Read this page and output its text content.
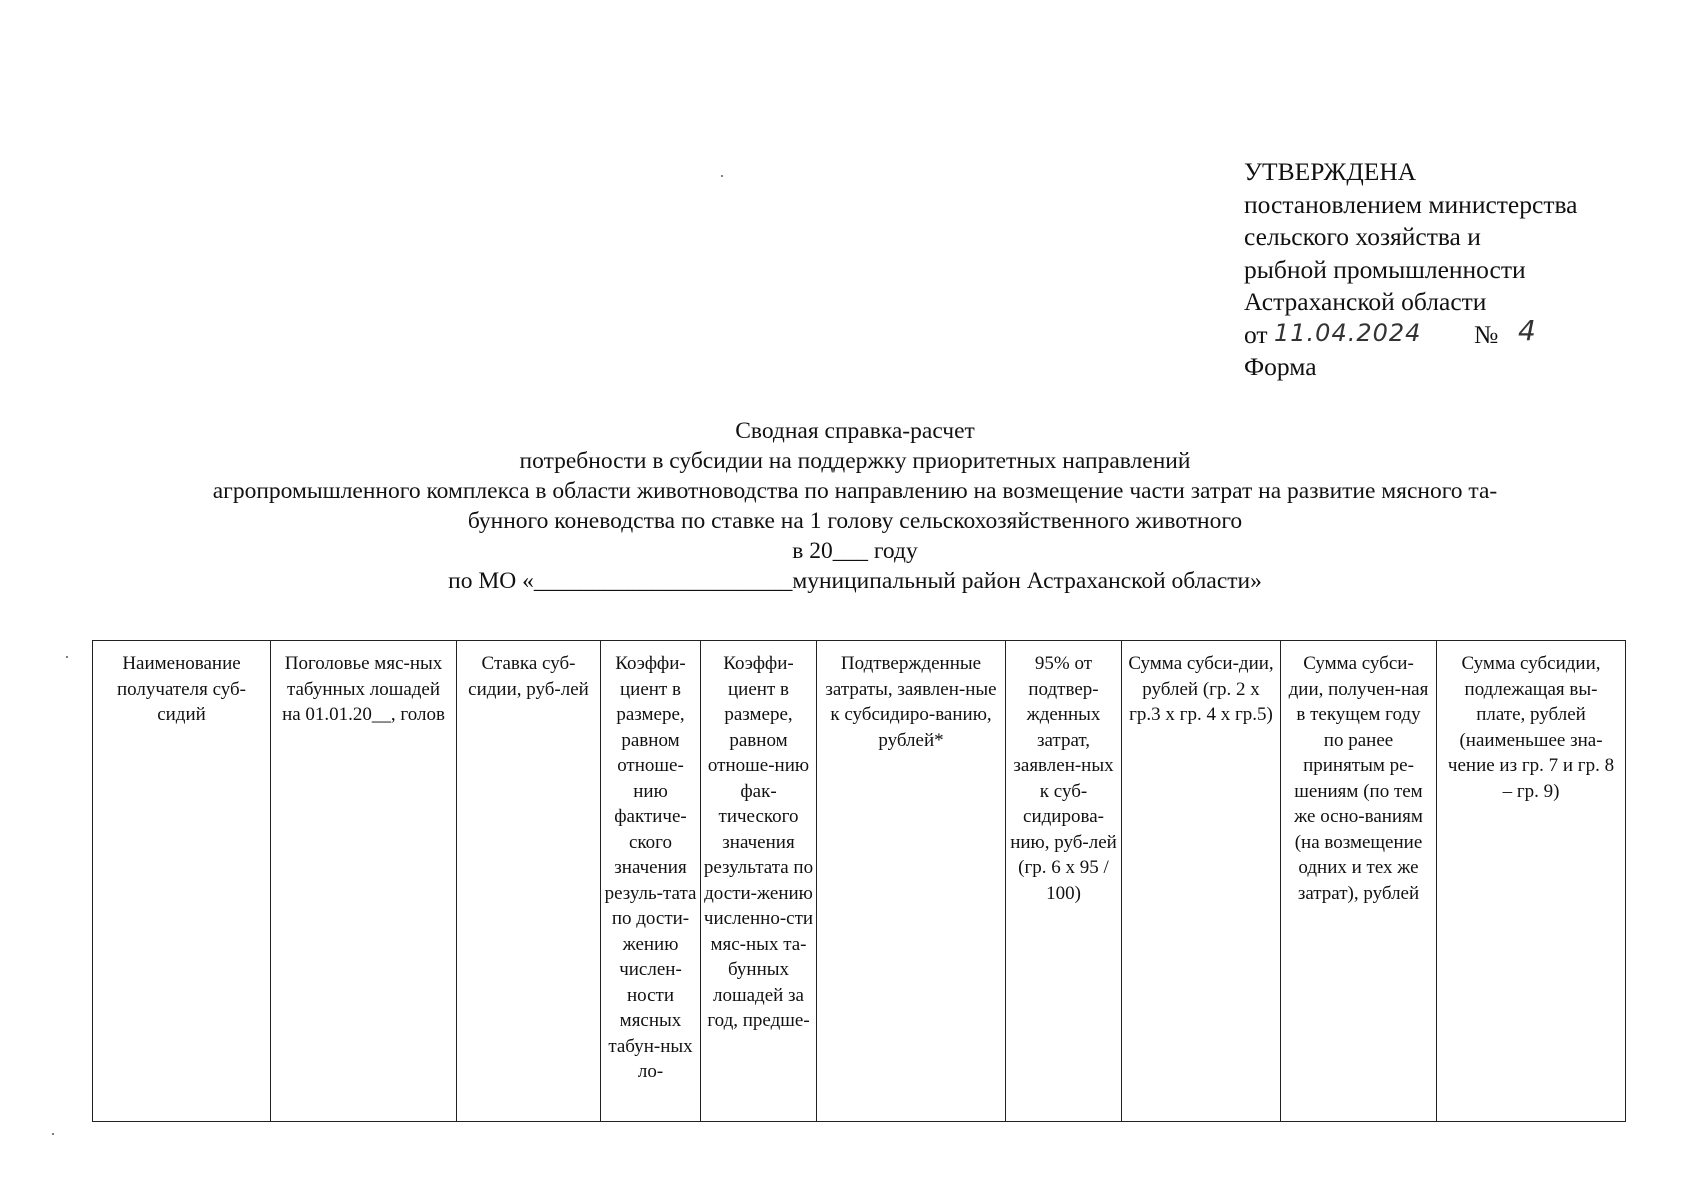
УТВЕРЖДЕНА
постановлением министерства
сельского хозяйства и
рыбной промышленности
Астраханской области
от 11.04.2024 № 4
Форма
Сводная справка-расчет
потребности в субсидии на поддержку приоритетных направлений
агропромышленного комплекса в области животноводства по направлению на возмещение части затрат на развитие мясного та-
бунного коневодства по ставке на 1 голову сельскохозяйственного животного
в 20___ году
по МО «______________________муниципальный район Астраханской области»
Наименование получателя суб-сидий	Поголовье мяс-ных табунных лошадей на 01.01.20__, голов	Ставка суб-сидии, руб-лей	Коэффи-циент в размере, равном отноше-нию фактиче-ского значения резуль-тата по дости-жению числен-ности мясных табун-ных ло-	Коэффи-циент в размере, равном отноше-нию фак-тического значения результата по дости-жению численно-сти мяс-ных та-бунных лошадей за год, предше-	Подтвержденные затраты, заявлен-ные к субсидиро-ванию, рублей*	95% от подтвер-жденных затрат, заявлен-ных к суб-сидирова-нию, руб-лей (гр. 6 х 95 / 100)	Сумма субси-дии, рублей (гр. 2 х гр.3 х гр. 4 х гр.5)	Сумма субси-дии, получен-ная в текущем году по ранее принятым ре-шениям (по тем же осно-ваниям (на возмещение одних и тех же затрат), рублей	Сумма субсидии, подлежащая вы-плате, рублей (наименьшее зна-чение из гр. 7 и гр. 8 – гр. 9)
